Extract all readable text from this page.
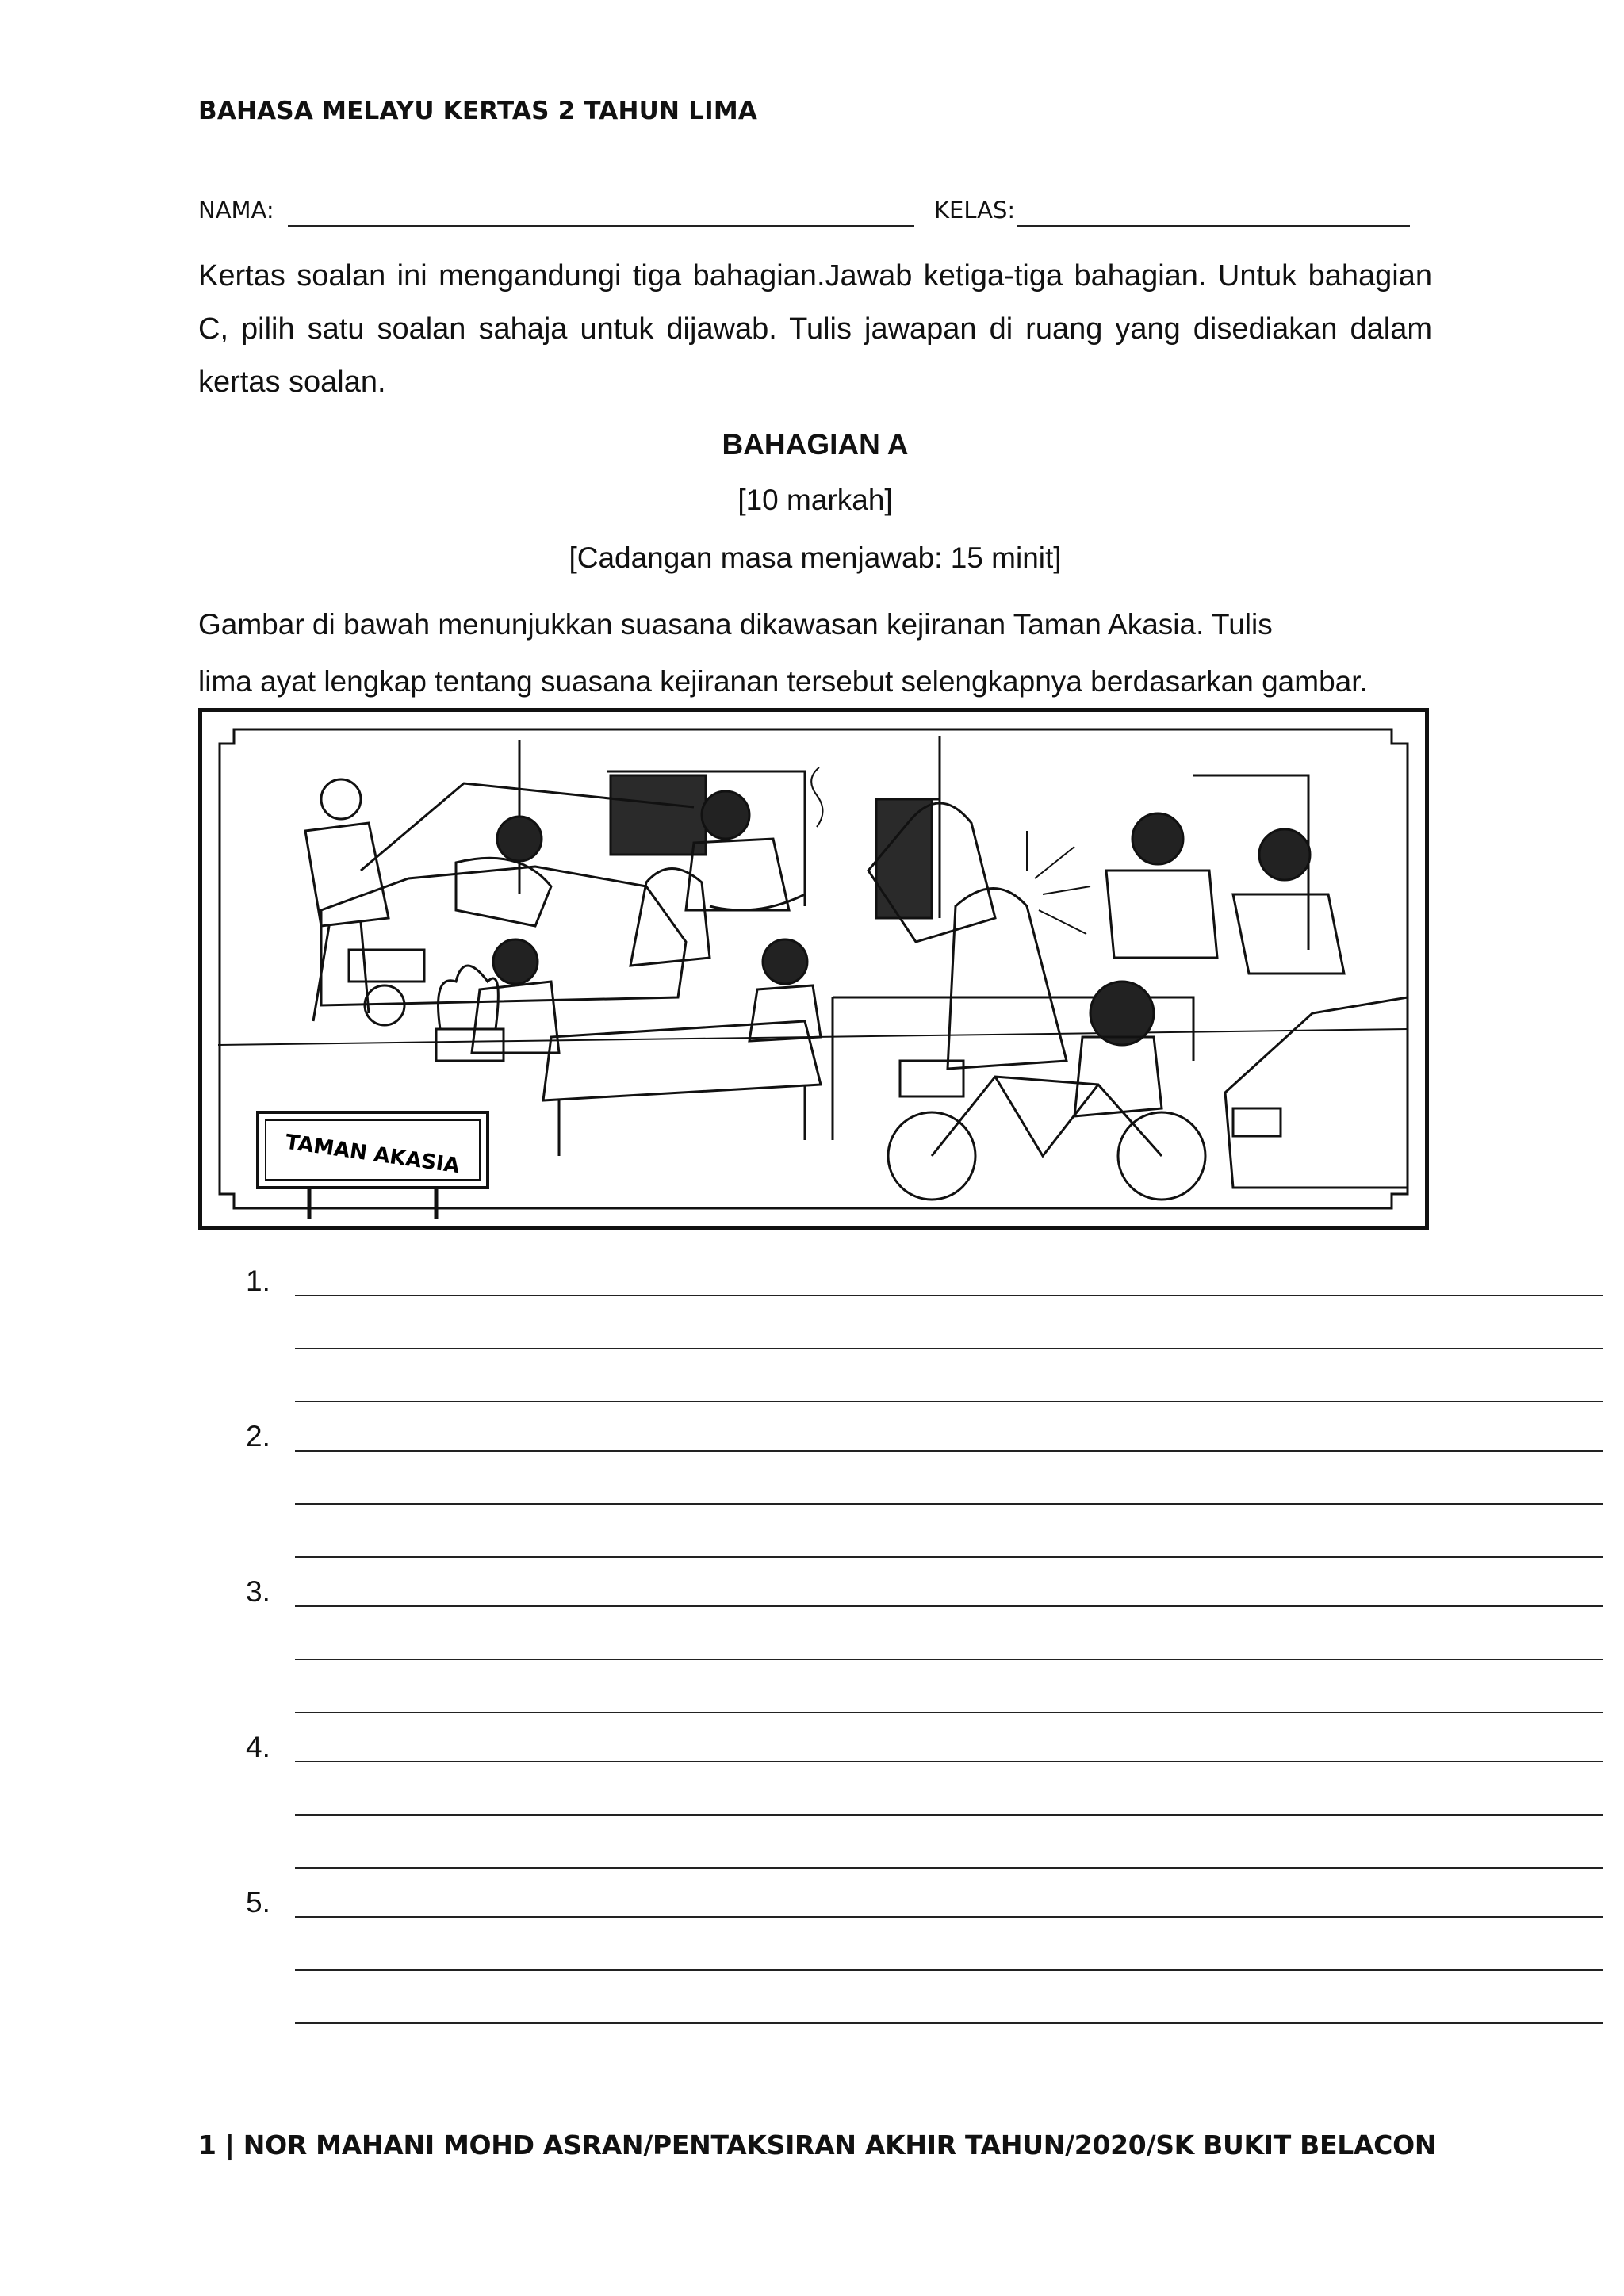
BAHASA MELAYU KERTAS 2 TAHUN LIMA
NAMA:	KELAS:
Kertas soalan ini mengandungi tiga bahagian.Jawab ketiga-tiga bahagian. Untuk bahagian C, pilih satu soalan sahaja untuk dijawab. Tulis jawapan di ruang yang disediakan dalam kertas soalan.
BAHAGIAN A
[10 markah]
[Cadangan masa menjawab: 15 minit]
Gambar di bawah menunjukkan suasana dikawasan kejiranan Taman Akasia. Tulis
lima ayat lengkap tentang suasana kejiranan tersebut selengkapnya berdasarkan gambar.
TAMAN AKASIA
1.
2.
3.
4.
5.
1 | NOR MAHANI MOHD ASRAN/PENTAKSIRAN AKHIR TAHUN/2020/SK BUKIT BELACON
